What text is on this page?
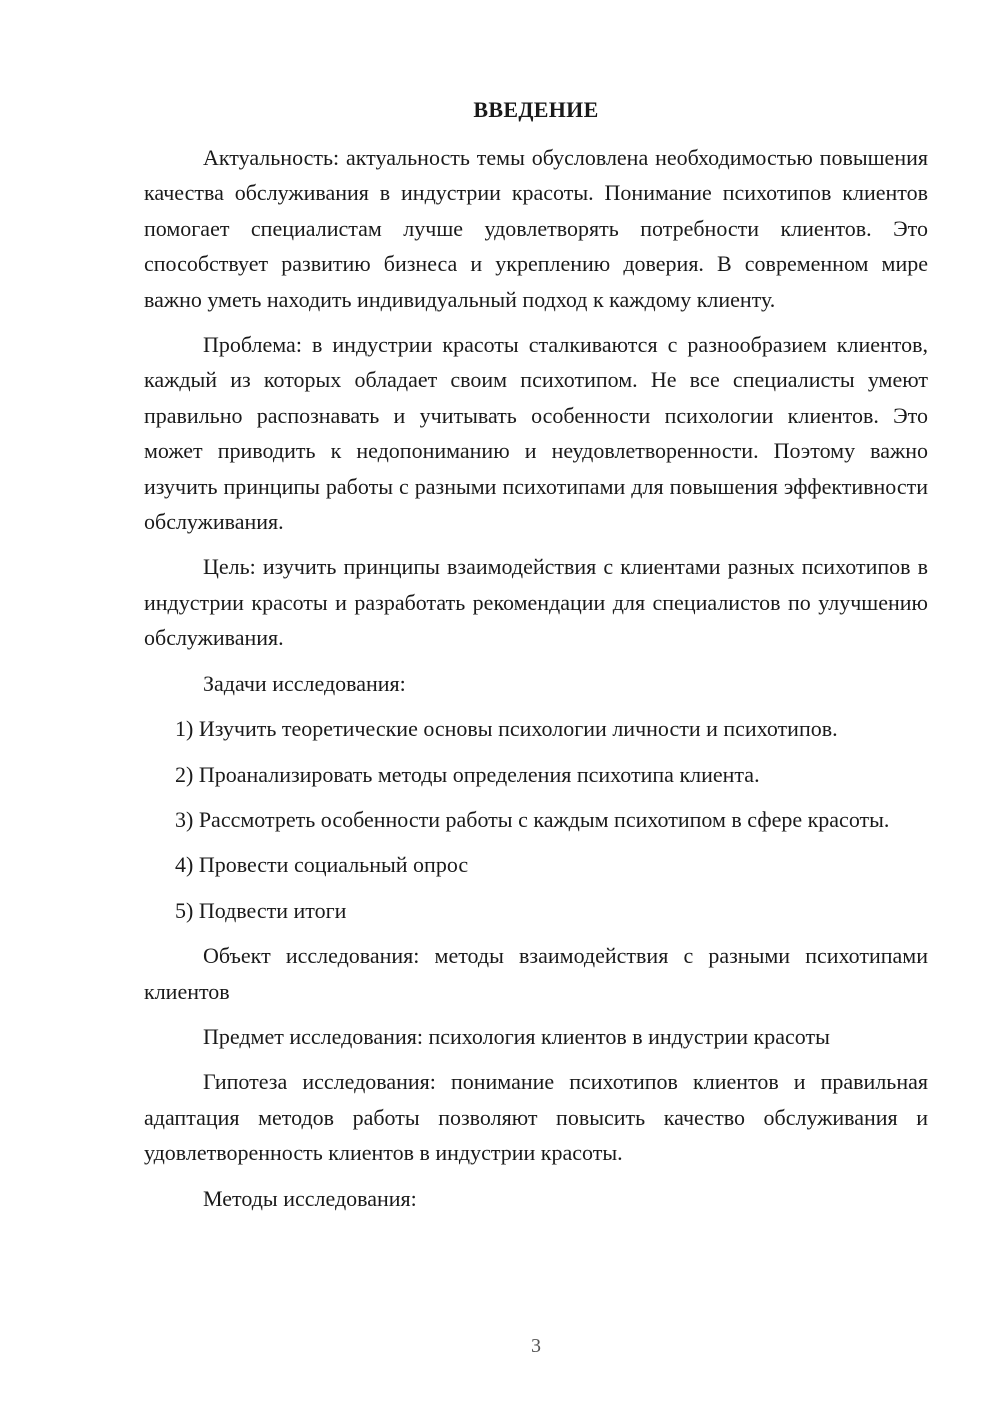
ВВЕДЕНИЕ

Актуальность: актуальность темы обусловлена необходимостью повышения качества обслуживания в индустрии красоты. Понимание психотипов клиентов помогает специалистам лучше удовлетворять потребности клиентов. Это способствует развитию бизнеса и укреплению доверия. В современном мире важно уметь находить индивидуальный подход к каждому клиенту.

Проблема: в индустрии красоты сталкиваются с разнообразием клиентов, каждый из которых обладает своим психотипом. Не все специалисты умеют правильно распознавать и учитывать особенности психологии клиентов. Это может приводить к недопониманию и неудовлетворенности. Поэтому важно изучить принципы работы с разными психотипами для повышения эффективности обслуживания.

Цель: изучить принципы взаимодействия с клиентами разных психотипов в индустрии красоты и разработать рекомендации для специалистов по улучшению обслуживания.

Задачи исследования:

1) Изучить теоретические основы психологии личности и психотипов.

2) Проанализировать методы определения психотипа клиента.

3) Рассмотреть особенности работы с каждым психотипом в сфере красоты.

4) Провести социальный опрос

5) Подвести итоги

Объект исследования: методы взаимодействия с разными психотипами клиентов

Предмет исследования: психология клиентов в индустрии красоты

Гипотеза исследования: понимание психотипов клиентов и правильная адаптация методов работы позволяют повысить качество обслуживания и удовлетворенность клиентов в индустрии красоты.

Методы исследования:

3
